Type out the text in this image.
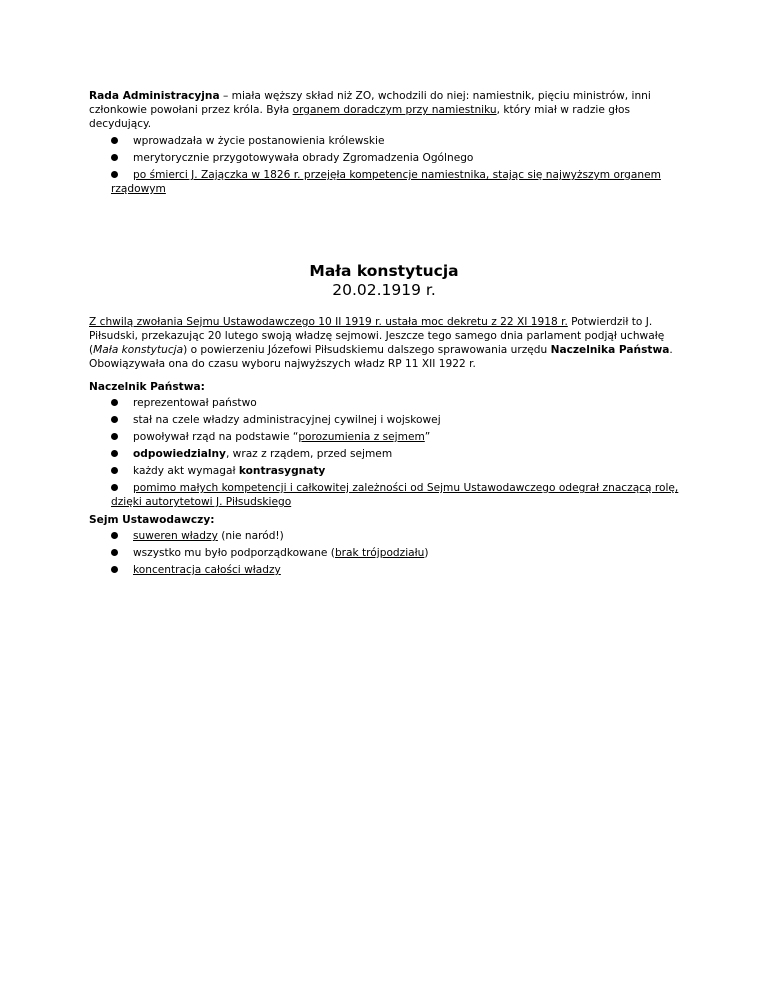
Rada Administracyjna – miała węższy skład niż ZO, wchodzili do niej: namiestnik, pięciu ministrów, inni członkowie powołani przez króla. Była organem doradczym przy namiestniku, który miał w radzie głos decydujący.

wprowadzała w życie postanowienia królewskie
merytorycznie przygotowywała obrady Zgromadzenia Ogólnego
po śmierci J. Zajączka w 1826 r. przejęła kompetencje namiestnika, stając się najwyższym organem rządowym
Mała konstytucja
20.02.1919 r.

Z chwilą zwołania Sejmu Ustawodawczego 10 II 1919 r. ustała moc dekretu z 22 XI 1918 r. Potwierdził to J. Piłsudski, przekazując 20 lutego swoją władzę sejmowi. Jeszcze tego samego dnia parlament podjął uchwałę (Mała konstytucja) o powierzeniu Józefowi Piłsudskiemu dalszego sprawowania urzędu Naczelnika Państwa. Obowiązywała ona do czasu wyboru najwyższych władz RP 11 XII 1922 r.

Naczelnik Państwa:

reprezentował państwo
stał na czele władzy administracyjnej cywilnej i wojskowej
powoływał rząd na podstawie “porozumienia z sejmem”
odpowiedzialny, wraz z rządem, przed sejmem
każdy akt wymagał kontrasygnaty
pomimo małych kompetencji i całkowitej zależności od Sejmu Ustawodawczego odegrał znaczącą rolę, dzięki autorytetowi J. Piłsudskiego

Sejm Ustawodawczy:

suweren władzy (nie naród!)
wszystko mu było podporządkowane (brak trójpodziału)
koncentracja całości władzy
